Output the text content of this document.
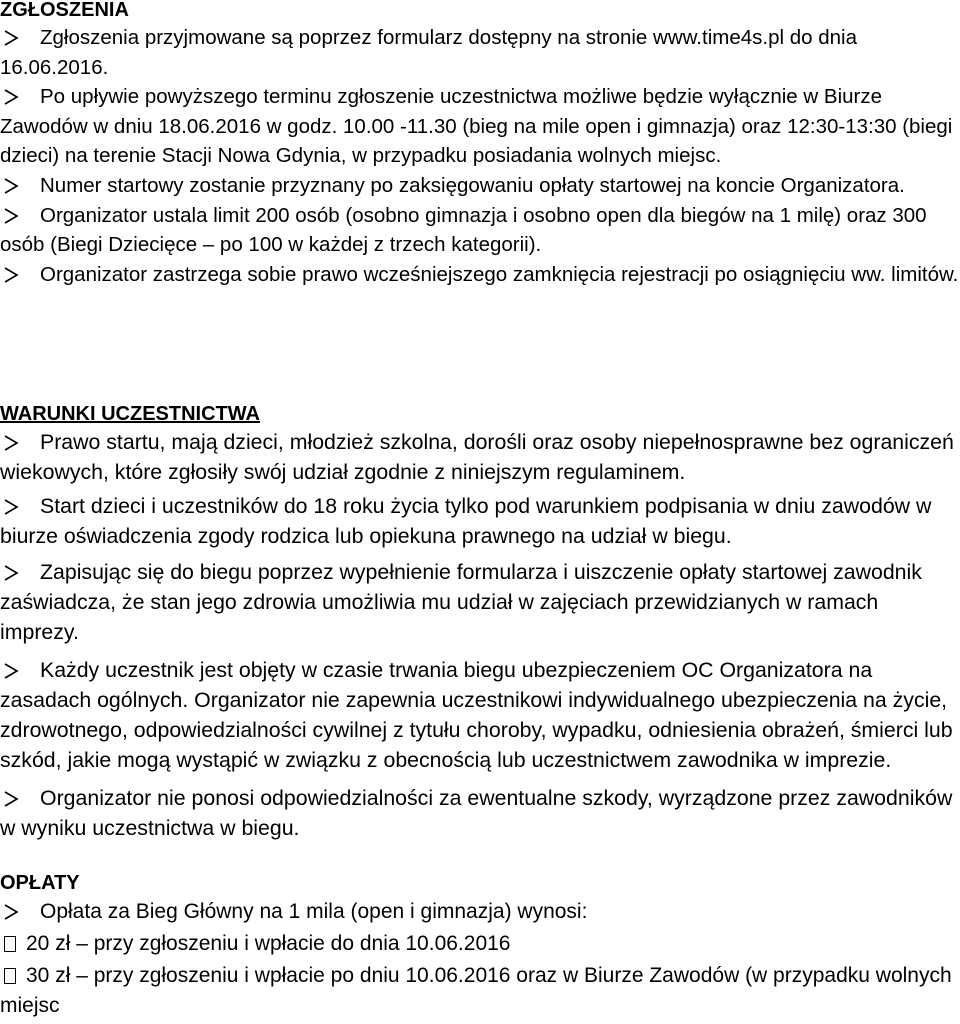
ZGŁOSZENIA

Zgłoszenia przyjmowane są poprzez formularz dostępny na stronie www.time4s.pl do dnia 16.06.2016.

Po upływie powyższego terminu zgłoszenie uczestnictwa możliwe będzie wyłącznie w Biurze Zawodów w dniu 18.06.2016 w godz. 10.00 -11.30 (bieg na mile open i gimnazja) oraz 12:30-13:30 (biegi dzieci) na terenie Stacji Nowa Gdynia, w przypadku posiadania wolnych miejsc.

Numer startowy zostanie przyznany po zaksięgowaniu opłaty startowej na koncie Organizatora.

Organizator ustala limit 200 osób (osobno gimnazja i osobno open dla biegów na 1 milę) oraz 300 osób (Biegi Dziecięce – po 100 w każdej z trzech kategorii).

Organizator zastrzega sobie prawo wcześniejszego zamknięcia rejestracji po osiągnięciu ww. limitów.

WARUNKI UCZESTNICTWA

Prawo startu, mają dzieci, młodzież szkolna, dorośli oraz osoby niepełnosprawne bez ograniczeń wiekowych, które zgłosiły swój udział zgodnie z niniejszym regulaminem.

Start dzieci i uczestników do 18 roku życia tylko pod warunkiem podpisania w dniu zawodów w biurze oświadczenia zgody rodzica lub opiekuna prawnego na udział w biegu.

Zapisując się do biegu poprzez wypełnienie formularza i uiszczenie opłaty startowej zawodnik zaświadcza, że stan jego zdrowia umożliwia mu udział w zajęciach przewidzianych w ramach imprezy.

Każdy uczestnik jest objęty w czasie trwania biegu ubezpieczeniem OC Organizatora na zasadach ogólnych. Organizator nie zapewnia uczestnikowi indywidualnego ubezpieczenia na życie, zdrowotnego, odpowiedzialności cywilnej z tytułu choroby, wypadku, odniesienia obrażeń, śmierci lub szkód, jakie mogą wystąpić w związku z obecnością lub uczestnictwem zawodnika w imprezie.

Organizator nie ponosi odpowiedzialności za ewentualne szkody, wyrządzone przez zawodników w wyniku uczestnictwa w biegu.

OPŁATY

Opłata za Bieg Główny na 1 mila (open i gimnazja) wynosi:

20 zł – przy zgłoszeniu i wpłacie do dnia 10.06.2016

30 zł – przy zgłoszeniu i wpłacie po dniu 10.06.2016 oraz w Biurze Zawodów (w przypadku wolnych miejsc
